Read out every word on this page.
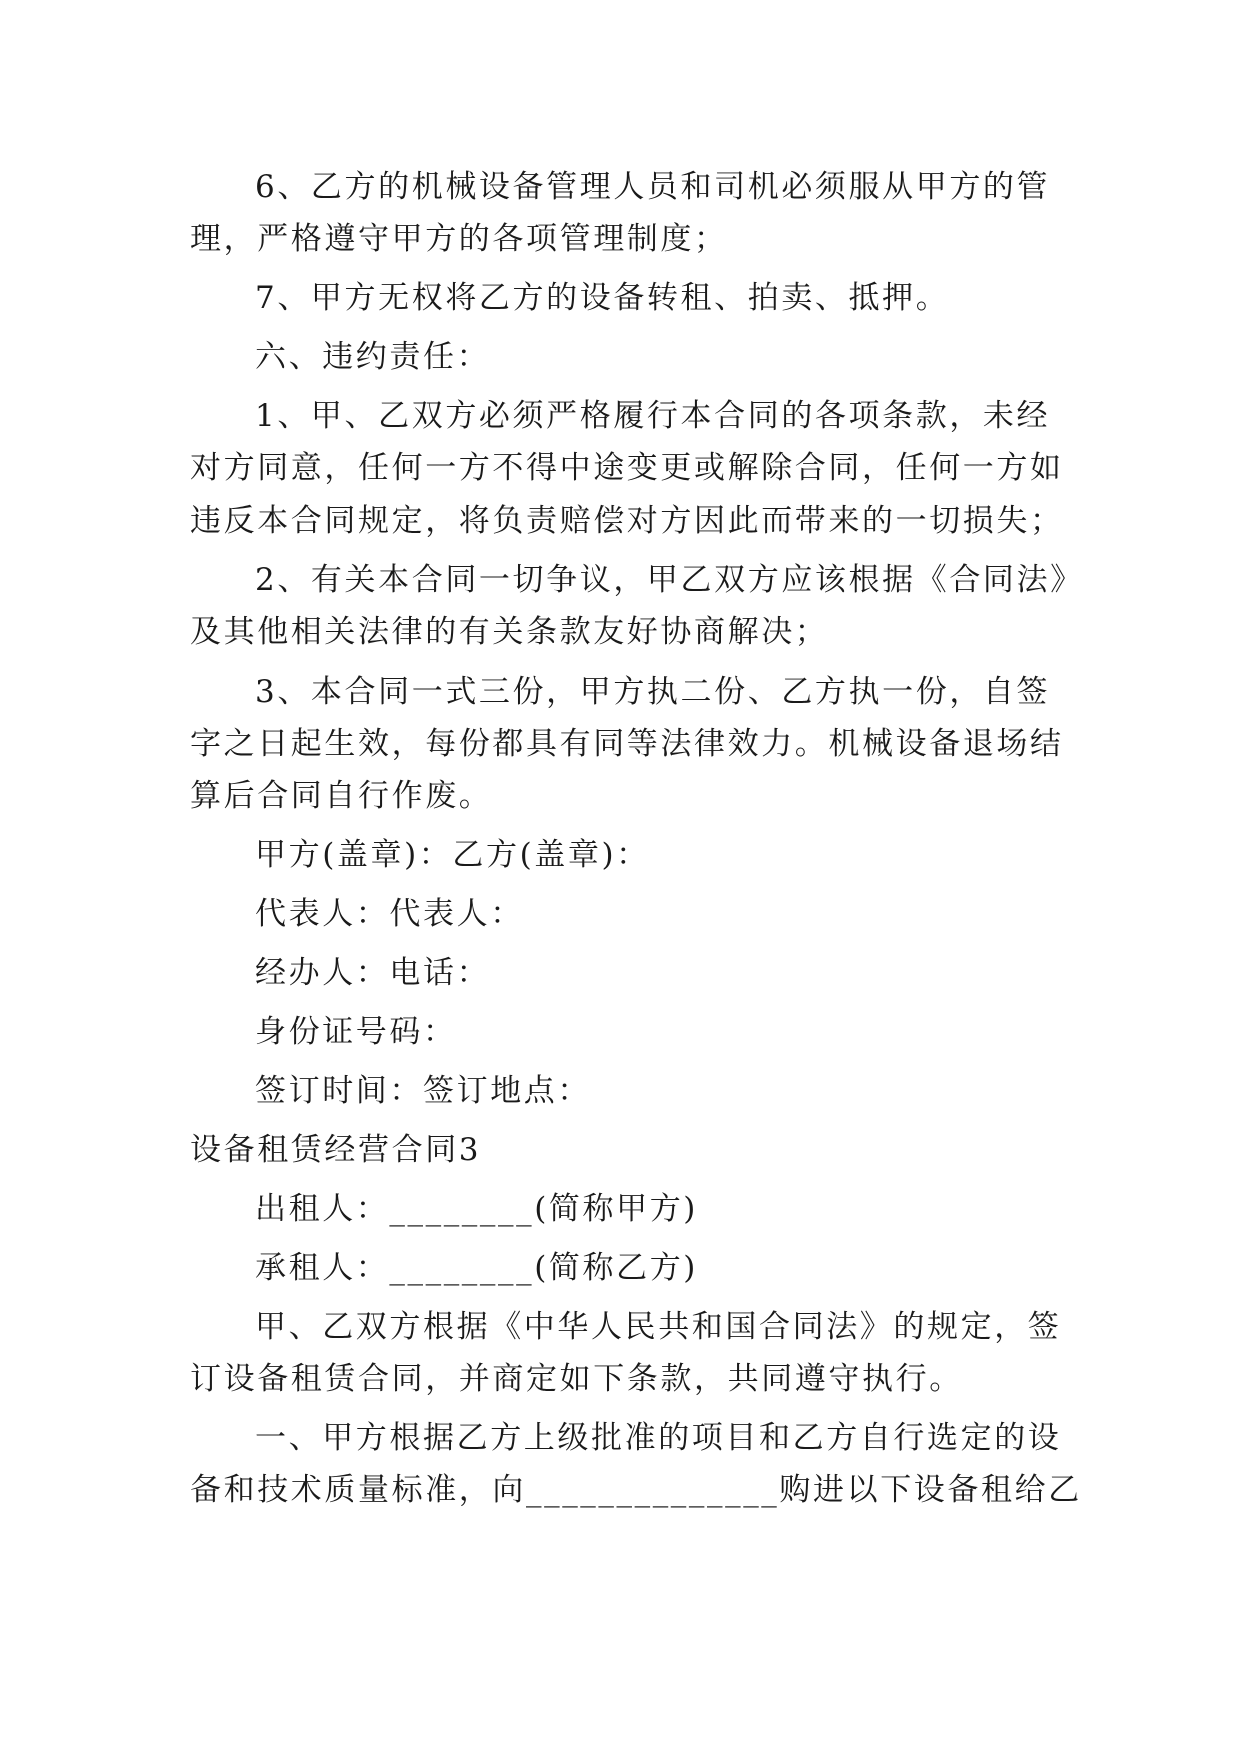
6、乙方的机械设备管理人员和司机必须服从甲方的管
理，严格遵守甲方的各项管理制度；
7、甲方无权将乙方的设备转租、拍卖、抵押。
六、违约责任：
1、甲、乙双方必须严格履行本合同的各项条款，未经
对方同意，任何一方不得中途变更或解除合同，任何一方如
违反本合同规定，将负责赔偿对方因此而带来的一切损失；
2、有关本合同一切争议，甲乙双方应该根据《合同法》
及其他相关法律的有关条款友好协商解决；
3、本合同一式三份，甲方执二份、乙方执一份，自签
字之日起生效，每份都具有同等法律效力。机械设备退场结
算后合同自行作废。
甲方(盖章)：乙方(盖章)：
代表人：代表人：
经办人：电话：
身份证号码：
签订时间：签订地点：
设备租赁经营合同3
出租人：________(简称甲方)
承租人：________(简称乙方)
甲、乙双方根据《中华人民共和国合同法》的规定，签
订设备租赁合同，并商定如下条款，共同遵守执行。
一、甲方根据乙方上级批准的项目和乙方自行选定的设
备和技术质量标准，向______________购进以下设备租给乙
